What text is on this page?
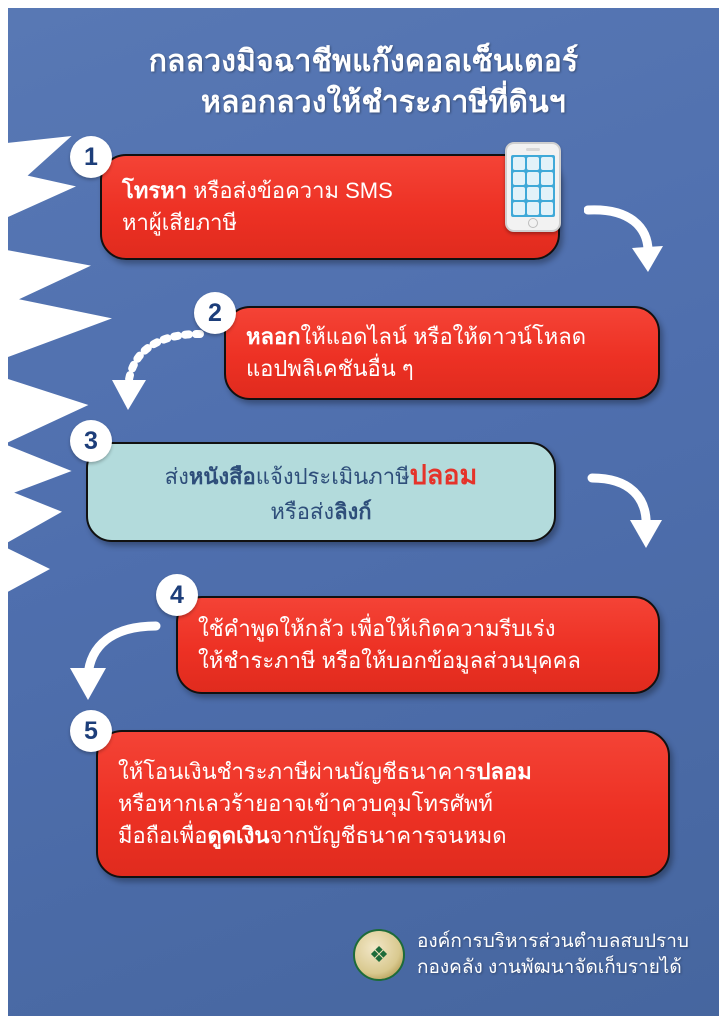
กลลวงมิจฉาชีพแก๊งคอลเซ็นเตอร์
หลอกลวงให้ชำระภาษีที่ดินฯ
1
โทรหา หรือส่งข้อความ SMS
หาผู้เสียภาษี
2
หลอกให้แอดไลน์ หรือให้ดาวน์โหลด
แอปพลิเคชันอื่น ๆ
3
ส่งหนังสือแจ้งประเมินภาษีปลอม
หรือส่งลิงก์
4
ใช้คำพูดให้กลัว เพื่อให้เกิดความรีบเร่ง
ให้ชำระภาษี หรือให้บอกข้อมูลส่วนบุคคล
5
ให้โอนเงินชำระภาษีผ่านบัญชีธนาคารปลอม
หรือหากเลวร้ายอาจเข้าควบคุมโทรศัพท์
มือถือเพื่อดูดเงินจากบัญชีธนาคารจนหมด
❖
องค์การบริหารส่วนตำบลสบปราบ
กองคลัง งานพัฒนาจัดเก็บรายได้
